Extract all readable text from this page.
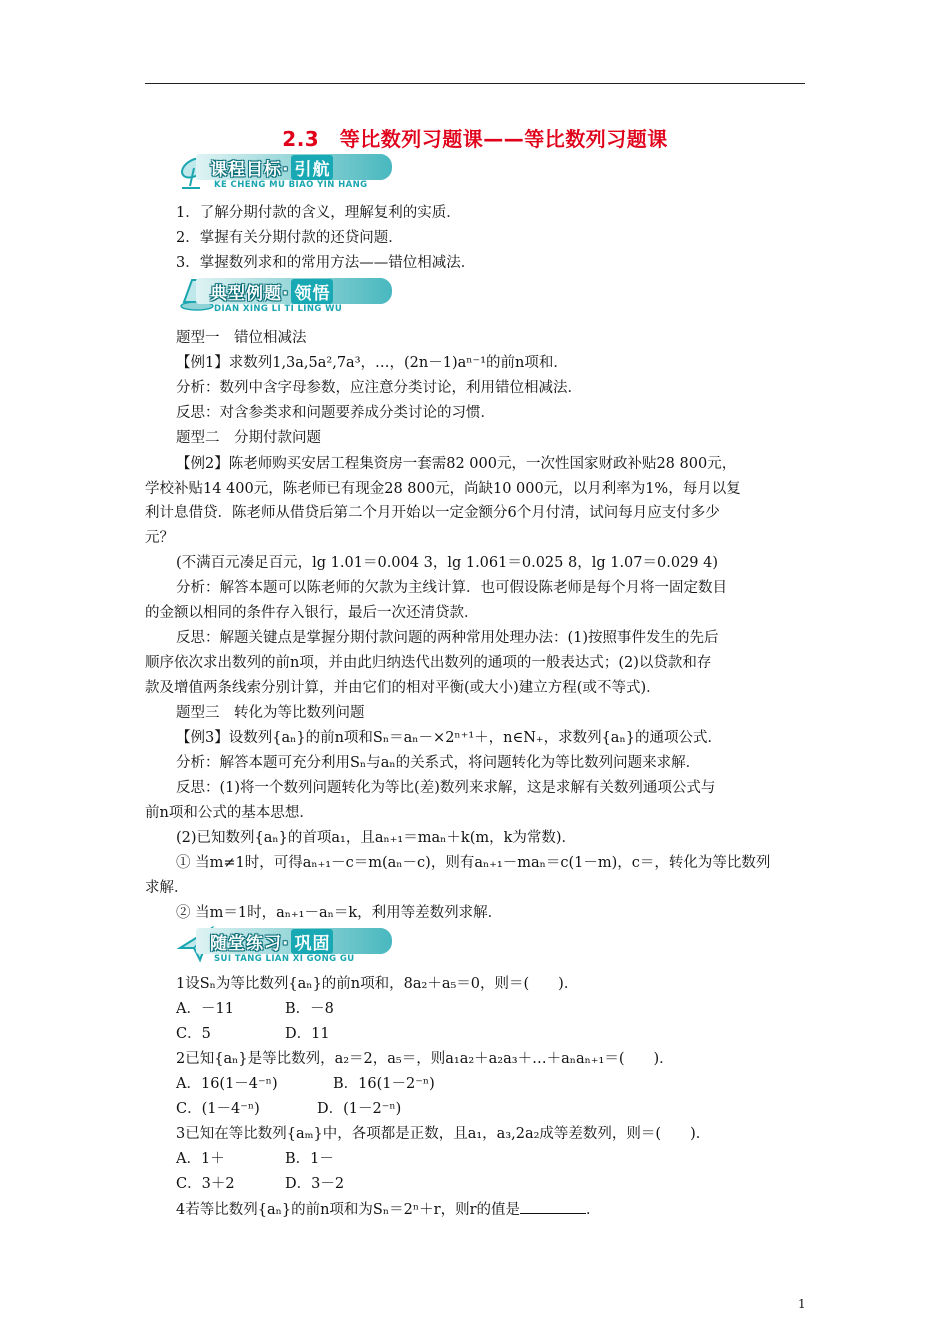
2.3　等比数列习题课——等比数列习题课
课程目标· 引航
KE CHENG MU BIAO YIN HANG
1．了解分期付款的含义，理解复利的实质．
2．掌握有关分期付款的还贷问题．
3．掌握数列求和的常用方法——错位相减法．
典型例题· 领悟
DIAN XING LI TI LING WU
题型一　错位相减法
【例1】求数列1,3a,5a²,7a³，…，(2n－1)aⁿ⁻¹的前n项和．
分析：数列中含字母参数，应注意分类讨论，利用错位相减法．
反思：对含参类求和问题要养成分类讨论的习惯．
题型二　分期付款问题
【例2】陈老师购买安居工程集资房一套需82 000元，一次性国家财政补贴28 800元，
学校补贴14 400元，陈老师已有现金28 800元，尚缺10 000元，以月利率为1%，每月以复
利计息借贷．陈老师从借贷后第二个月开始以一定金额分6个月付清，试问每月应支付多少
元？
(不满百元凑足百元，lg 1.01＝0.004 3，lg 1.061＝0.025 8，lg 1.07＝0.029 4)
分析：解答本题可以陈老师的欠款为主线计算．也可假设陈老师是每个月将一固定数目
的金额以相同的条件存入银行，最后一次还清贷款．
反思：解题关键点是掌握分期付款问题的两种常用处理办法：(1)按照事件发生的先后
顺序依次求出数列的前n项，并由此归纳迭代出数列的通项的一般表达式；(2)以贷款和存
款及增值两条线索分别计算，并由它们的相对平衡(或大小)建立方程(或不等式)．
题型三　转化为等比数列问题
【例3】设数列{aₙ}的前n项和Sₙ＝aₙ－×2ⁿ⁺¹＋，n∈N₊，求数列{aₙ}的通项公式．
分析：解答本题可充分利用Sₙ与aₙ的关系式，将问题转化为等比数列问题来求解．
反思：(1)将一个数列问题转化为等比(差)数列来求解，这是求解有关数列通项公式与
前n项和公式的基本思想．
(2)已知数列{aₙ}的首项a₁，且aₙ₊₁＝maₙ＋k(m，k为常数)．
① 当m≠1时，可得aₙ₊₁－c＝m(aₙ－c)，则有aₙ₊₁－maₙ＝c(1－m)，c＝，转化为等比数列
求解．
② 当m＝1时，aₙ₊₁－aₙ＝k，利用等差数列求解．
随堂练习· 巩固
SUI TANG LIAN XI GONG GU
1设Sₙ为等比数列{aₙ}的前n项和，8a₂＋a₅＝0，则＝(　　)．
A．－11	B．－8
C．5	D．11
2已知{aₙ}是等比数列，a₂＝2，a₅＝，则a₁a₂＋a₂a₃＋…＋aₙaₙ₊₁＝(　　)．
A．16(1－4⁻ⁿ)	B．16(1－2⁻ⁿ)
C．(1－4⁻ⁿ)	D．(1－2⁻ⁿ)
3已知在等比数列{aₘ}中，各项都是正数，且a₁，a₃,2a₂成等差数列，则＝(　　)．
A．1＋	B．1－
C．3＋2	D．3－2
4若等比数列{aₙ}的前n项和为Sₙ＝2ⁿ＋r，则r的值是	．
1
